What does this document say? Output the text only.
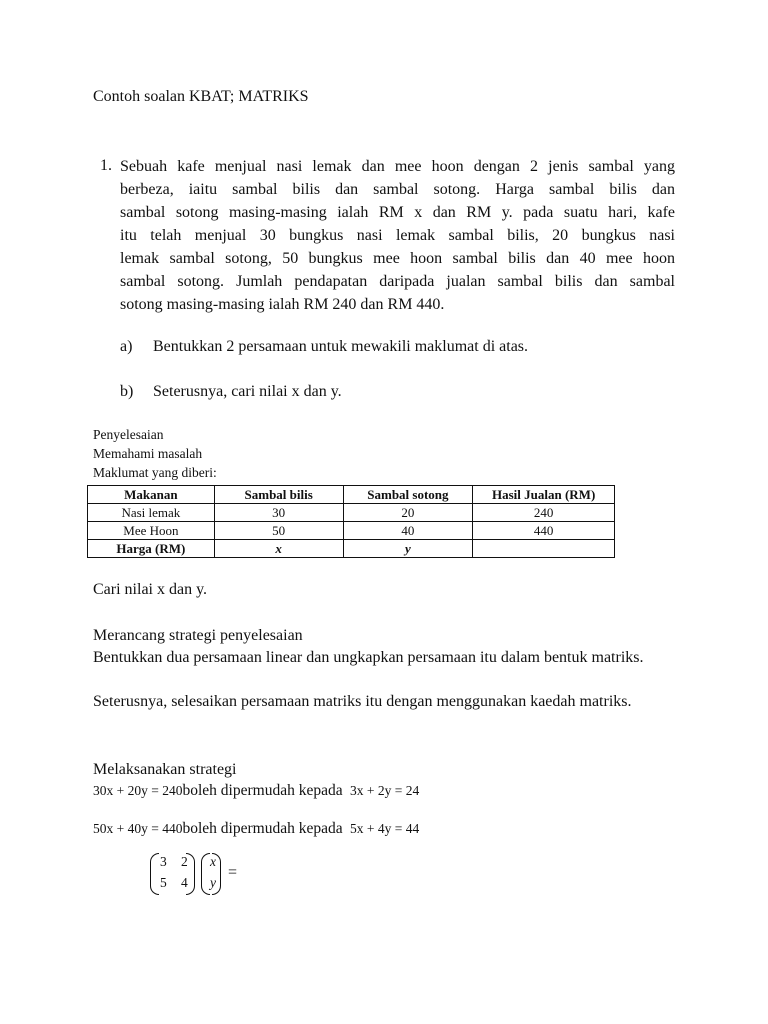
Contoh soalan KBAT; MATRIKS
1. Sebuah kafe menjual nasi lemak dan mee hoon dengan 2 jenis sambal yang
berbeza, iaitu sambal bilis dan sambal sotong. Harga sambal bilis dan
sambal sotong masing-masing ialah RM x dan RM y. pada suatu hari, kafe
itu telah menjual 30 bungkus nasi lemak sambal bilis, 20 bungkus nasi
lemak sambal sotong, 50 bungkus mee hoon sambal bilis dan 40 mee hoon
sambal sotong. Jumlah pendapatan daripada jualan sambal bilis dan sambal
sotong masing-masing ialah RM 240 dan RM 440.
a) Bentukkan 2 persamaan untuk mewakili maklumat di atas.
b) Seterusnya, cari nilai x dan y.
Penyelesaian
Memahami masalah
Maklumat yang diberi:
Makanan	Sambal bilis	Sambal sotong	Hasil Jualan (RM)
Nasi lemak	30	20	240
Mee Hoon	50	40	440
Harga (RM)	x	y	
Cari nilai x dan y.
Merancang strategi penyelesaian
Bentukkan dua persamaan linear dan ungkapkan persamaan itu dalam bentuk matriks.
Seterusnya, selesaikan persamaan matriks itu dengan menggunakan kaedah matriks.
Melaksanakan strategi
30x + 20y = 240boleh dipermudah kepada 3x + 2y = 24
50x + 40y = 440boleh dipermudah kepada 5x + 4y = 44
3 2
5 4
x
y
=
